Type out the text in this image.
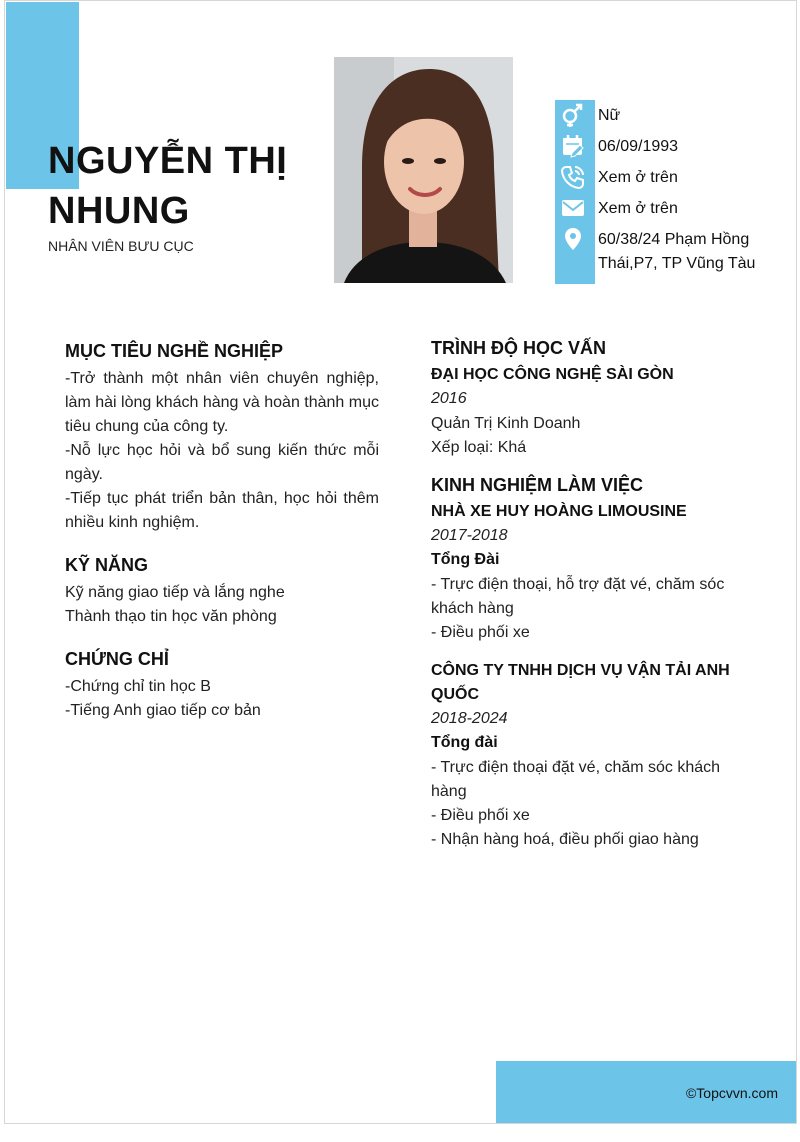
NGUYỄN THỊ NHUNG
NHÂN VIÊN BƯU CỤC
Nữ
06/09/1993
Xem ở trên
Xem ở trên
60/38/24 Phạm Hồng Thái,P7, TP Vũng Tàu
MỤC TIÊU NGHỀ NGHIỆP
-Trở thành một nhân viên chuyên nghiệp, làm hài lòng khách hàng và hoàn thành mục tiêu chung của công ty.
-Nỗ lực học hỏi và bổ sung kiến thức mỗi ngày.
-Tiếp tục phát triển bản thân, học hỏi thêm nhiều kinh nghiệm.
KỸ NĂNG
Kỹ năng giao tiếp và lắng nghe
Thành thạo tin học văn phòng
CHỨNG CHỈ
-Chứng chỉ tin học B
-Tiếng Anh giao tiếp cơ bản
TRÌNH ĐỘ HỌC VẤN
ĐẠI HỌC CÔNG NGHỆ SÀI GÒN
2016
Quản Trị Kinh Doanh
Xếp loại: Khá
KINH NGHIỆM LÀM VIỆC
NHÀ XE HUY HOÀNG LIMOUSINE
2017-2018
Tổng Đài
- Trực điện thoại, hỗ trợ đặt vé, chăm sóc khách hàng
- Điều phối xe
CÔNG TY TNHH DỊCH VỤ VẬN TẢI ANH QUỐC
2018-2024
Tổng đài
- Trực điện thoại đặt vé, chăm sóc khách hàng
- Điều phối xe
- Nhận hàng hoá, điều phối giao hàng
©Topcvvn.com
